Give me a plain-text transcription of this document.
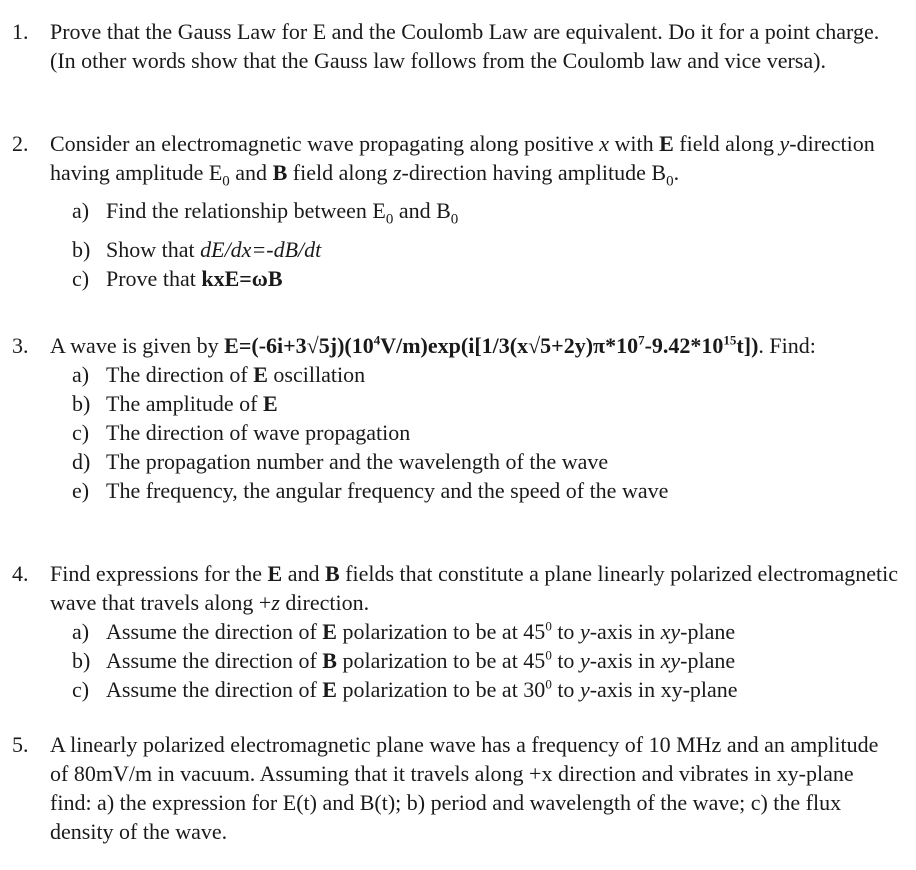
1. Prove that the Gauss Law for E and the Coulomb Law are equivalent. Do it for a point charge. (In other words show that the Gauss law follows from the Coulomb law and vice versa).
2. Consider an electromagnetic wave propagating along positive x with E field along y-direction having amplitude $E_0$ and B field along z-direction having amplitude $B_0$.
a) Find the relationship between $E_0$ and $B_0$
b) Show that dE/dx=-dB/dt
c) Prove that kxE=ωB
3. A wave is given by $E=(-6i+3√5j)(10^4V/m)\exp(i[1/3(x√5+2y)\pi*10^7-9.42*10^{15}t])$. Find:
a) The direction of E oscillation
b) The amplitude of E
c) The direction of wave propagation
d) The propagation number and the wavelength of the wave
e) The frequency, the angular frequency and the speed of the wave
4. Find expressions for the E and B fields that constitute a plane linearly polarized electromagnetic wave that travels along +z direction.
a) Assume the direction of E polarization to be at $45^0$ to y-axis in xy-plane
b) Assume the direction of B polarization to be at $45^0$ to y-axis in xy-plane
c) Assume the direction of E polarization to be at $30^0$ to y-axis in xy-plane
5. A linearly polarized electromagnetic plane wave has a frequency of 10 MHz and an amplitude of 80mV/m in vacuum. Assuming that it travels along +x direction and vibrates in xy-plane find: a) the expression for E(t) and B(t); b) period and wavelength of the wave; c) the flux density of the wave.
